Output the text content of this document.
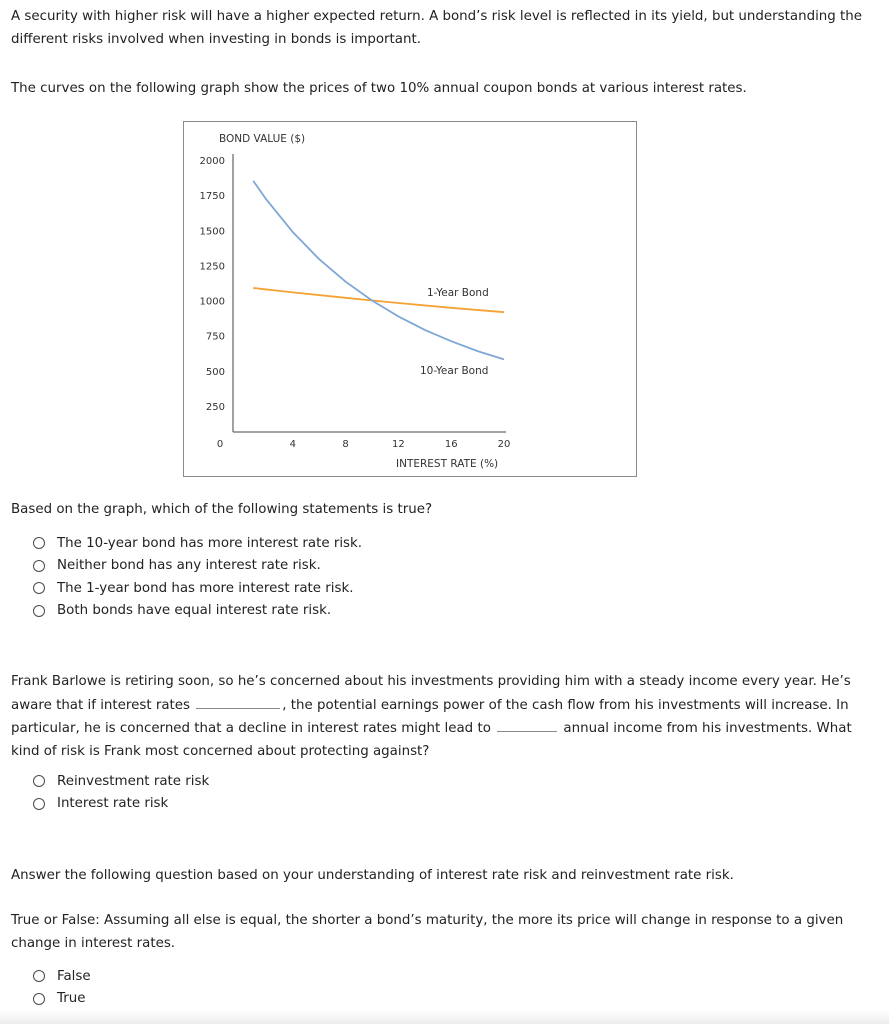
A security with higher risk will have a higher expected return. A bond’s risk level is reflected in its yield, but understanding the different risks involved when investing in bonds is important.

The curves on the following graph show the prices of two 10% annual coupon bonds at various interest rates.

BOND VALUE ($)
2000
1750
1500
1250
1000
750
500
250
0	4	8	12	16	20
1-Year Bond
10-Year Bond
INTEREST RATE (%)

Based on the graph, which of the following statements is true?

The 10-year bond has more interest rate risk.
Neither bond has any interest rate risk.
The 1-year bond has more interest rate risk.
Both bonds have equal interest rate risk.

Frank Barlowe is retiring soon, so he’s concerned about his investments providing him with a steady income every year. He’s aware that if interest rates	, the potential earnings power of the cash flow from his investments will increase. In particular, he is concerned that a decline in interest rates might lead to	annual income from his investments. What kind of risk is Frank most concerned about protecting against?

Reinvestment rate risk
Interest rate risk

Answer the following question based on your understanding of interest rate risk and reinvestment rate risk.

True or False: Assuming all else is equal, the shorter a bond’s maturity, the more its price will change in response to a given change in interest rates.

False
True
